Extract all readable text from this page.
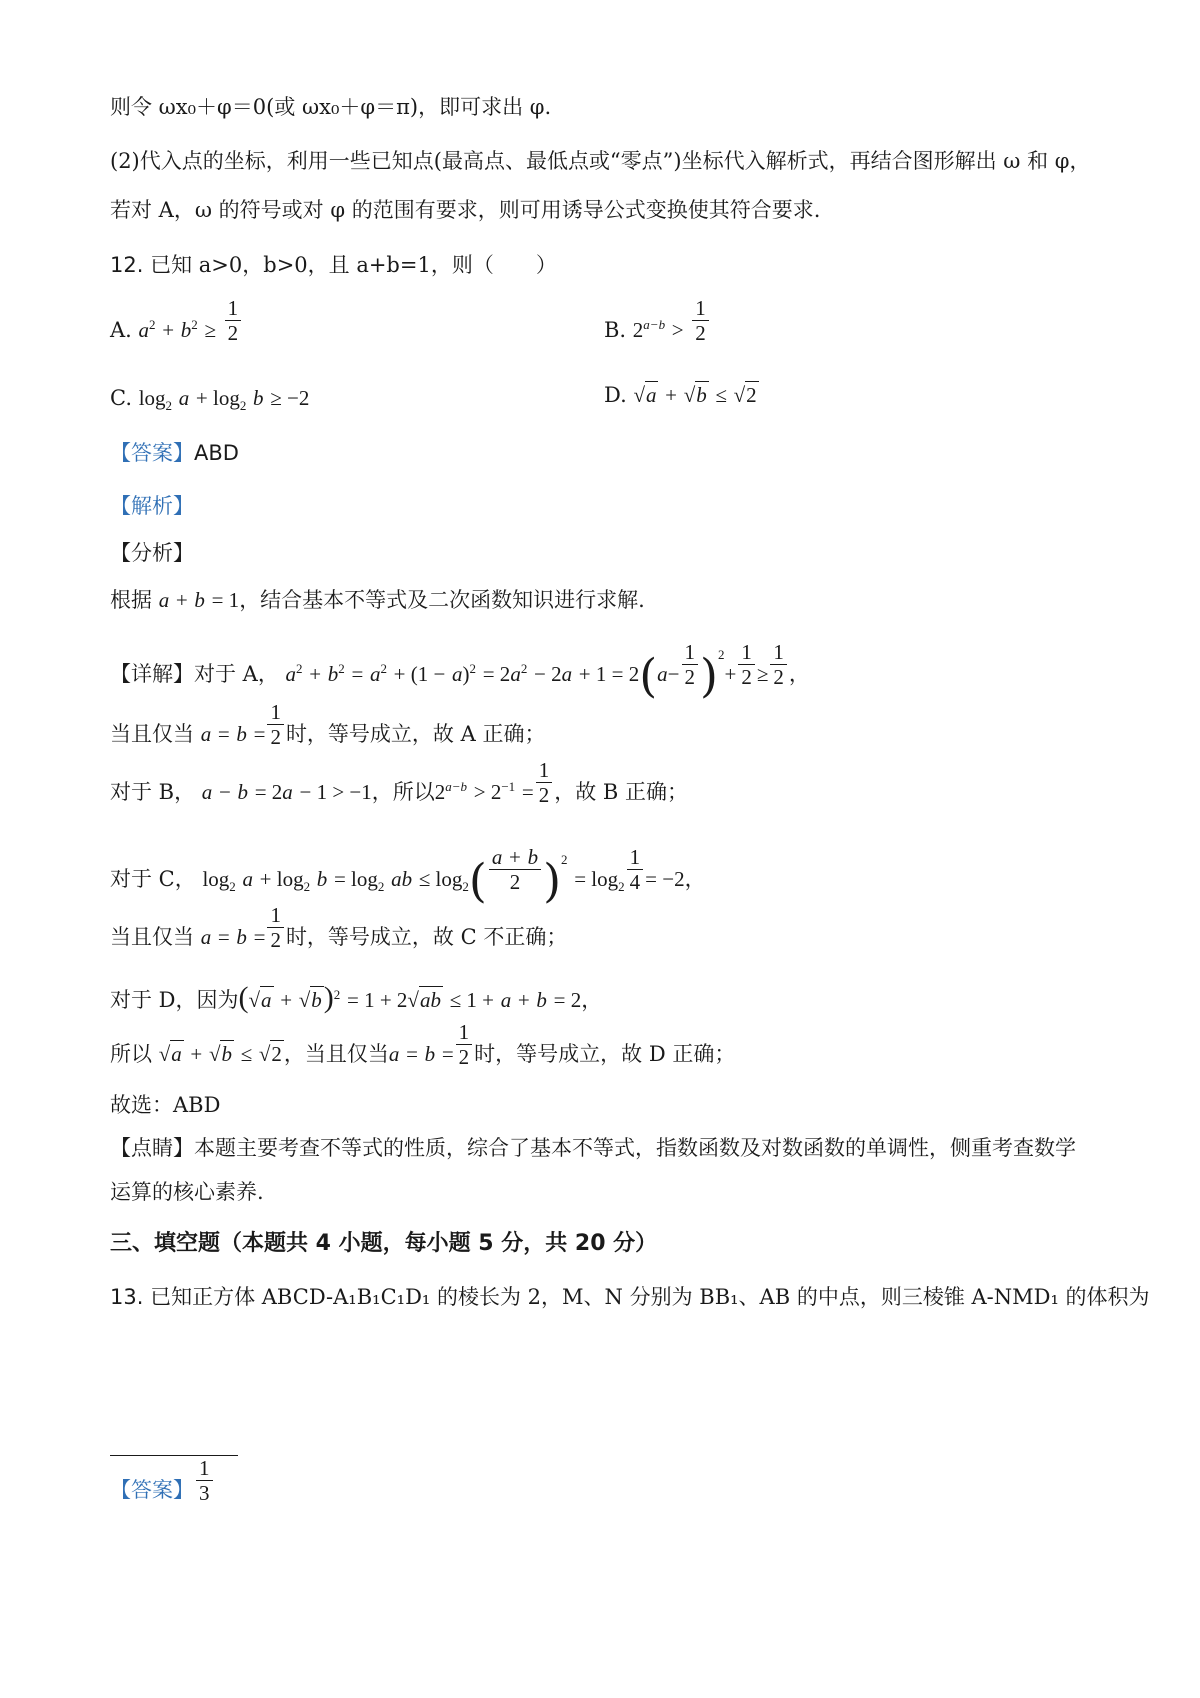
则令 ωx₀＋φ＝0(或 ωx₀＋φ＝π)，即可求出 φ.
(2)代入点的坐标，利用一些已知点(最高点、最低点或“零点”)坐标代入解析式，再结合图形解出 ω 和 φ，
若对 A，ω 的符号或对 φ 的范围有要求，则可用诱导公式变换使其符合要求.
12. 已知 a>0，b>0，且 a+b=1，则（　　）
A. $a^2 + b^2 \ge \frac{1}{2}$	B. $2^{a-b} > \frac{1}{2}$
C. $\log_2 a + \log_2 b \ge -2$	D. √a + √b ≤ √2
【答案】ABD
【解析】
【分析】
根据 a + b = 1，结合基本不等式及二次函数知识进行求解.
【详解】对于 A， $a^2 + b^2 = a^2 + (1 - a)^2 = 2a^2 - 2a + 1 = 2(a- \frac{1}{2} )^2+ \frac{1}{2} \ge \frac{1}{2}$ ，
当且仅当 $a = b = \frac{1}{2}$ 时，等号成立，故 A 正确；
对于 B， a − b = 2a − 1 > −1，所以$2^{a-b} > 2^{-1} = \frac{1}{2}$ ，故 B 正确；
对于 C， $\log_2 a + \log_2 b = \log_2$ ab ≤ $\log_2( \frac{a + b}{2} )^2 = \log_2 \frac{1}{4} = -2$，
当且仅当 $a = b = \frac{1}{2}$ 时，等号成立，故 C 不正确；
对于 D，因为$(√a + √b)^2 = 1 + 2√ab \le 1 + a + b = 2$，
所以 √a + √b ≤ √2，当且仅当$a = b = \frac{1}{2}$ 时，等号成立，故 D 正确；
故选：ABD
【点睛】本题主要考查不等式的性质，综合了基本不等式，指数函数及对数函数的单调性，侧重考查数学
运算的核心素养.
三、填空题（本题共 4 小题，每小题 5 分，共 20 分）
13. 已知正方体 ABCD-A₁B₁C₁D₁ 的棱长为 2，M、N 分别为 BB₁、AB 的中点，则三棱锥 A-NMD₁ 的体积为
【答案】 $\frac{1}{3}$
